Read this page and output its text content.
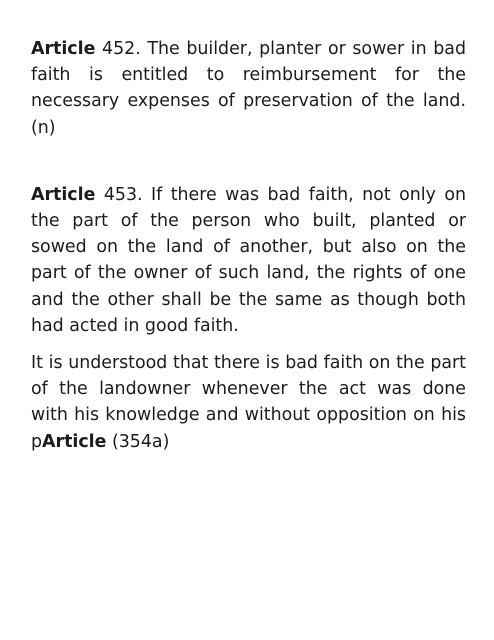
Article 452. The builder, planter or sower in bad faith is entitled to reimbursement for the necessary expenses of preservation of the land. (n)

Article 453. If there was bad faith, not only on the part of the person who built, planted or sowed on the land of another, but also on the part of the owner of such land, the rights of one and the other shall be the same as though both had acted in good faith.

It is understood that there is bad faith on the part of the landowner whenever the act was done with his knowledge and without opposition on his pArticle (354a)
